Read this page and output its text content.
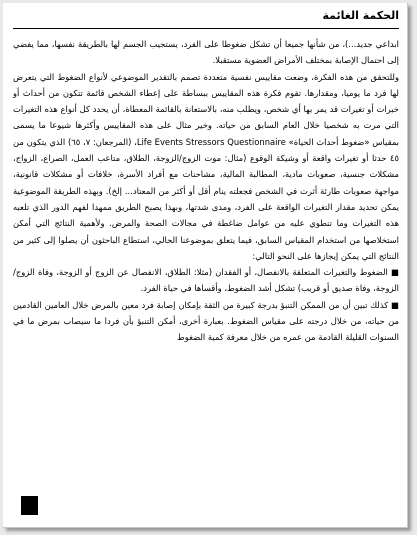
الحكمة الغائمة

ابداعي جديد...)، من شأنها جميعا أن تشكل ضغوطا على الفرد، يستجيب الجسم لها بالطريقة نفسها، مما يفضي إلى احتمال الإصابة بمختلف الأمراض العضوية مستقبلا.

وللتحقق من هذه الفكرة، وضعت مقاييس نفسية متعددة تصمم بالتقدير الموضوعي لأنواع الضغوط التي يتعرض لها فرد ما يوميا، ومقدارها. تقوم فكرة هذه المقاييس ببساطة على إعطاء الشخص قائمة تتكون من أحداث أو خبرات أو تغيرات قد يمر بها أي شخص، ويطلب منه، بالاستعانة بالقائمة المعطاة، أن يحدد كل أنواع هذه التغيرات التي مرت به شخصيا خلال العام السابق من حياته. وخير مثال على هذه المقاييس وأكثرها شيوعا ما يسمى بمقياس «ضغوط أحداث الحياة» Life Events Stressors Questionnaire، (المرجعان: ٧، ٦٥) الذي يتكون من ٤٥ حدثا أو تغيرات واقعة أو وشيكة الوقوع (مثال: موت الزوج/الزوجة، الطلاق، متاعب العمل، الصراع، الزواج، مشكلات جنسية، صعوبات مادية، المطالبة المالية، مشاحنات مع أفراد الأسرة، خلافات أو مشكلات قانونية، مواجهة صعوبات طارئة أثرت في الشخص فجعلته ينام أقل أو أكثر من المعتاد... إلخ). وبهذه الطريقة الموضوعية يمكن تحديد مقدار التغيرات الواقعة على الفرد، ومدى شدتها، وبهذا يصبح الطريق ممهدا لفهم الدور الذي تلعبه هذه التغيرات وما تنطوي عليه من عوامل ضاغطة في مجالات الصحة والمرض. ولأهمية النتائج التي أمكن استخلاصها من استخدام المقياس السابق، فيما يتعلق بموضوعنا الحالي، استطاع الباحثون أن يصلوا إلى كثير من النتائج التي يمكن إيجازها على النحو التالي:

■ الضغوط والتغيرات المتعلقة بالانفصال، أو الفقدان (مثلا: الطلاق، الانفصال عن الزوج أو الزوجة، وفاة الزوج/الزوجة، وفاة صديق أو قريب) تشكل أشد الضغوط، وأقساها في حياة الفرد.

■ كذلك تبين أن من الممكن التنبؤ بدرجة كبيرة من الثقة بإمكان إصابة فرد معين بالمرض خلال العامين القادمين من حياته، من خلال درجته على مقياس الضغوط. بعبارة أخرى، أمكن التنبؤ بأن فردا ما سيصاب بمرض ما في السنوات القليلة القادمة من عمره من خلال معرفة كمية الضغوط
